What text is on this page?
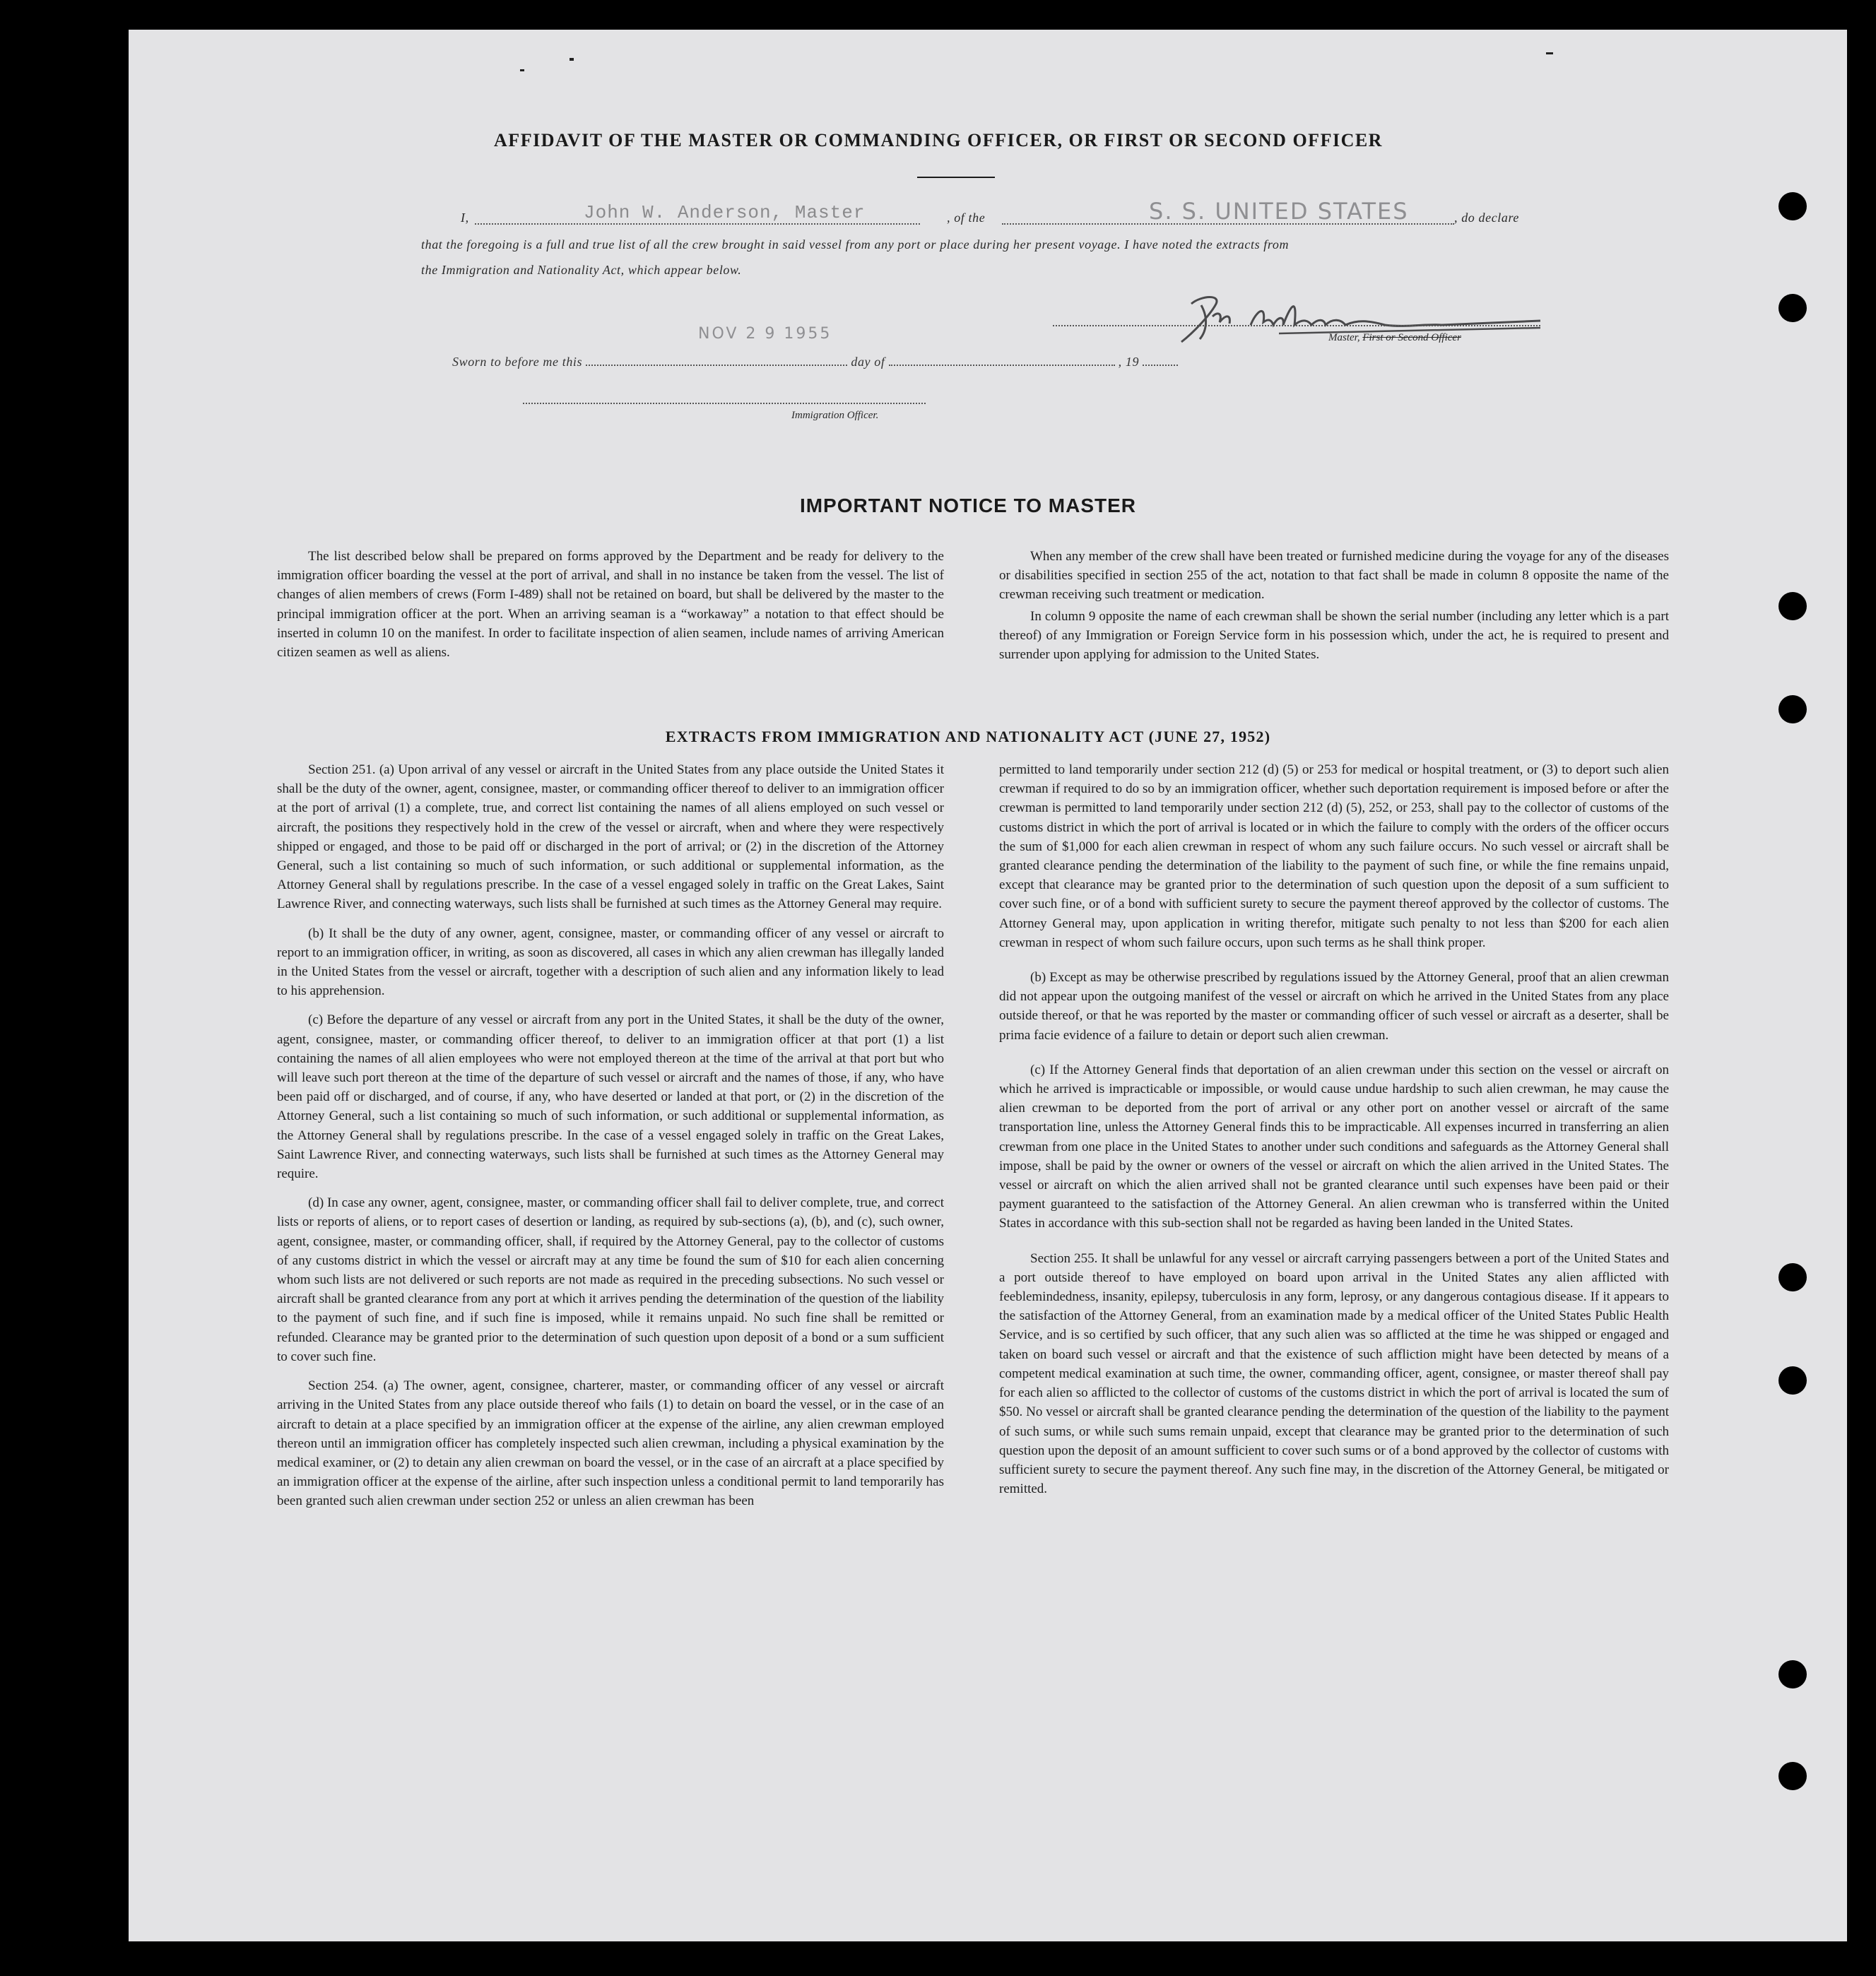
AFFIDAVIT OF THE MASTER OR COMMANDING OFFICER, OR FIRST OR SECOND OFFICER
I,	John W. Anderson, Master	, of the	S. S. UNITED STATES	, do declare
that the foregoing is a full and true list of all the crew brought in said vessel from any port or place during her present voyage. I have noted the extracts from
the Immigration and Nationality Act, which appear below.
Master, First or Second Officer
NOV 2 9 1955
Sworn to before me this	day of	, 19
Immigration Officer.
IMPORTANT NOTICE TO MASTER

The list described below shall be prepared on forms approved by the Department and be ready for delivery to the immigration officer boarding the vessel at the port of arrival, and shall in no instance be taken from the vessel. The list of changes of alien members of crews (Form I-489) shall not be retained on board, but shall be delivered by the master to the principal immigration officer at the port. When an arriving seaman is a “workaway” a notation to that effect should be inserted in column 10 on the manifest. In order to facilitate inspection of alien seamen, include names of arriving American citizen seamen as well as aliens.

When any member of the crew shall have been treated or furnished medicine during the voyage for any of the diseases or disabilities specified in section 255 of the act, notation to that fact shall be made in column 8 opposite the name of the crewman receiving such treatment or medication.

In column 9 opposite the name of each crewman shall be shown the serial number (including any letter which is a part thereof) of any Immigration or Foreign Service form in his possession which, under the act, he is required to present and surrender upon applying for admission to the United States.

EXTRACTS FROM IMMIGRATION AND NATIONALITY ACT (JUNE 27, 1952)

Section 251. (a) Upon arrival of any vessel or aircraft in the United States from any place outside the United States it shall be the duty of the owner, agent, consignee, master, or commanding officer thereof to deliver to an immigration officer at the port of arrival (1) a complete, true, and correct list containing the names of all aliens employed on such vessel or aircraft, the positions they respectively hold in the crew of the vessel or aircraft, when and where they were respectively shipped or engaged, and those to be paid off or discharged in the port of arrival; or (2) in the discretion of the Attorney General, such a list containing so much of such information, or such additional or supplemental information, as the Attorney General shall by regulations prescribe. In the case of a vessel engaged solely in traffic on the Great Lakes, Saint Lawrence River, and connecting waterways, such lists shall be furnished at such times as the Attorney General may require.

(b) It shall be the duty of any owner, agent, consignee, master, or commanding officer of any vessel or aircraft to report to an immigration officer, in writing, as soon as discovered, all cases in which any alien crewman has illegally landed in the United States from the vessel or aircraft, together with a description of such alien and any information likely to lead to his apprehension.

(c) Before the departure of any vessel or aircraft from any port in the United States, it shall be the duty of the owner, agent, consignee, master, or commanding officer thereof, to deliver to an immigration officer at that port (1) a list containing the names of all alien employees who were not employed thereon at the time of the arrival at that port but who will leave such port thereon at the time of the departure of such vessel or aircraft and the names of those, if any, who have been paid off or discharged, and of course, if any, who have deserted or landed at that port, or (2) in the discretion of the Attorney General, such a list containing so much of such information, or such additional or supplemental information, as the Attorney General shall by regulations prescribe. In the case of a vessel engaged solely in traffic on the Great Lakes, Saint Lawrence River, and connecting waterways, such lists shall be furnished at such times as the Attorney General may require.

(d) In case any owner, agent, consignee, master, or commanding officer shall fail to deliver complete, true, and correct lists or reports of aliens, or to report cases of desertion or landing, as required by sub-sections (a), (b), and (c), such owner, agent, consignee, master, or commanding officer, shall, if required by the Attorney General, pay to the collector of customs of any customs district in which the vessel or aircraft may at any time be found the sum of $10 for each alien concerning whom such lists are not delivered or such reports are not made as required in the preceding subsections. No such vessel or aircraft shall be granted clearance from any port at which it arrives pending the determination of the question of the liability to the payment of such fine, and if such fine is imposed, while it remains unpaid. No such fine shall be remitted or refunded. Clearance may be granted prior to the determination of such question upon deposit of a bond or a sum sufficient to cover such fine.

Section 254. (a) The owner, agent, consignee, charterer, master, or commanding officer of any vessel or aircraft arriving in the United States from any place outside thereof who fails (1) to detain on board the vessel, or in the case of an aircraft to detain at a place specified by an immigration officer at the expense of the airline, any alien crewman employed thereon until an immigration officer has completely inspected such alien crewman, including a physical examination by the medical examiner, or (2) to detain any alien crewman on board the vessel, or in the case of an aircraft at a place specified by an immigration officer at the expense of the airline, after such inspection unless a conditional permit to land temporarily has been granted such alien crewman under section 252 or unless an alien crewman has been

permitted to land temporarily under section 212 (d) (5) or 253 for medical or hospital treatment, or (3) to deport such alien crewman if required to do so by an immigration officer, whether such deportation requirement is imposed before or after the crewman is permitted to land temporarily under section 212 (d) (5), 252, or 253, shall pay to the collector of customs of the customs district in which the port of arrival is located or in which the failure to comply with the orders of the officer occurs the sum of $1,000 for each alien crewman in respect of whom any such failure occurs. No such vessel or aircraft shall be granted clearance pending the determination of the liability to the payment of such fine, or while the fine remains unpaid, except that clearance may be granted prior to the determination of such question upon the deposit of a sum sufficient to cover such fine, or of a bond with sufficient surety to secure the payment thereof approved by the collector of customs. The Attorney General may, upon application in writing therefor, mitigate such penalty to not less than $200 for each alien crewman in respect of whom such failure occurs, upon such terms as he shall think proper.

(b) Except as may be otherwise prescribed by regulations issued by the Attorney General, proof that an alien crewman did not appear upon the outgoing manifest of the vessel or aircraft on which he arrived in the United States from any place outside thereof, or that he was reported by the master or commanding officer of such vessel or aircraft as a deserter, shall be prima facie evidence of a failure to detain or deport such alien crewman.

(c) If the Attorney General finds that deportation of an alien crewman under this section on the vessel or aircraft on which he arrived is impracticable or impossible, or would cause undue hardship to such alien crewman, he may cause the alien crewman to be deported from the port of arrival or any other port on another vessel or aircraft of the same transportation line, unless the Attorney General finds this to be impracticable. All expenses incurred in transferring an alien crewman from one place in the United States to another under such conditions and safeguards as the Attorney General shall impose, shall be paid by the owner or owners of the vessel or aircraft on which the alien arrived in the United States. The vessel or aircraft on which the alien arrived shall not be granted clearance until such expenses have been paid or their payment guaranteed to the satisfaction of the Attorney General. An alien crewman who is transferred within the United States in accordance with this sub-section shall not be regarded as having been landed in the United States.

Section 255. It shall be unlawful for any vessel or aircraft carrying passengers between a port of the United States and a port outside thereof to have employed on board upon arrival in the United States any alien afflicted with feeblemindedness, insanity, epilepsy, tuberculosis in any form, leprosy, or any dangerous contagious disease. If it appears to the satisfaction of the Attorney General, from an examination made by a medical officer of the United States Public Health Service, and is so certified by such officer, that any such alien was so afflicted at the time he was shipped or engaged and taken on board such vessel or aircraft and that the existence of such affliction might have been detected by means of a competent medical examination at such time, the owner, commanding officer, agent, consignee, or master thereof shall pay for each alien so afflicted to the collector of customs of the customs district in which the port of arrival is located the sum of $50. No vessel or aircraft shall be granted clearance pending the determination of the question of the liability to the payment of such sums, or while such sums remain unpaid, except that clearance may be granted prior to the determination of such question upon the deposit of an amount sufficient to cover such sums or of a bond approved by the collector of customs with sufficient surety to secure the payment thereof. Any such fine may, in the discretion of the Attorney General, be mitigated or remitted.
